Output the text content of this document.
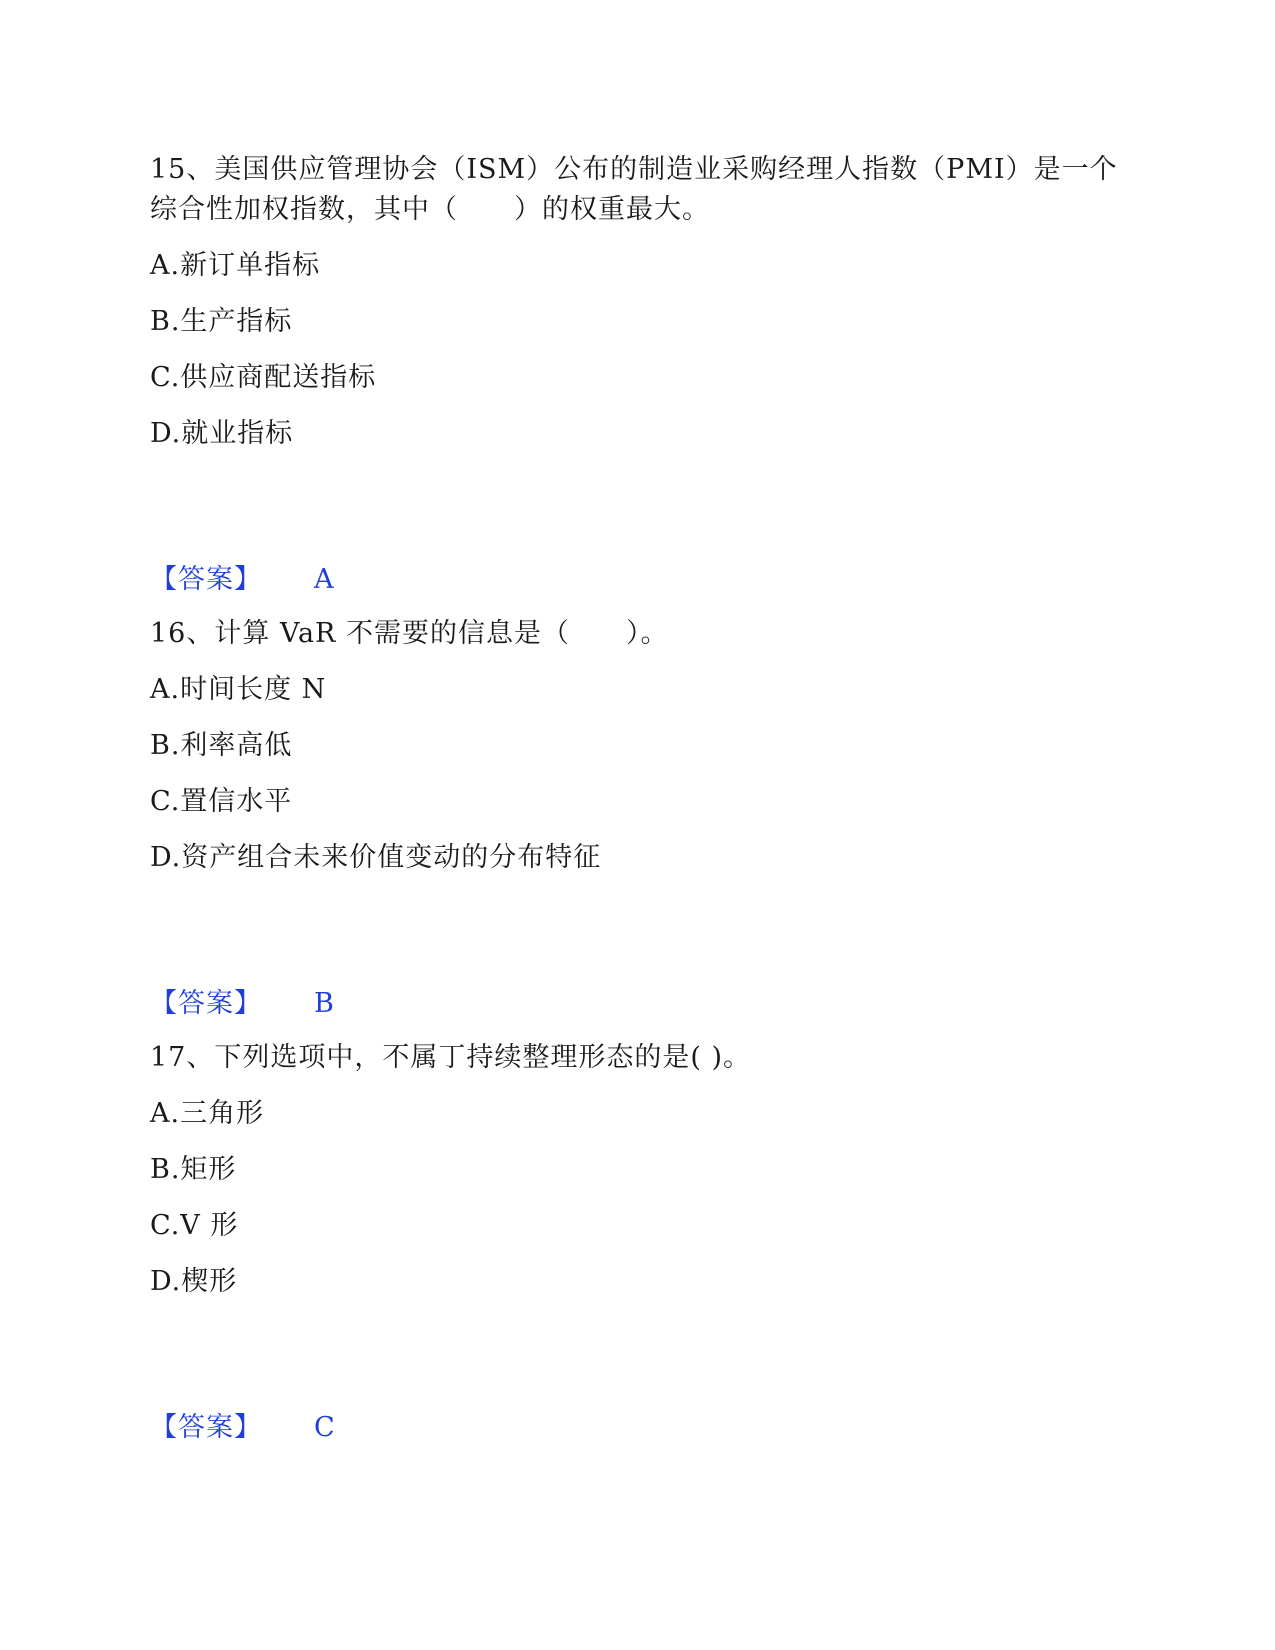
15、美国供应管理协会（ISM）公布的制造业采购经理人指数（PMI）是一个
综合性加权指数，其中（　　）的权重最大。
A.新订单指标
B.生产指标
C.供应商配送指标
D.就业指标
【答案】 A
16、计算 VaR 不需要的信息是（　　）。
A.时间长度 N
B.利率高低
C.置信水平
D.资产组合未来价值变动的分布特征
【答案】 B
17、下列选项中，不属丁持续整理形态的是( )。
A.三角形
B.矩形
C.V 形
D.楔形
【答案】 C
